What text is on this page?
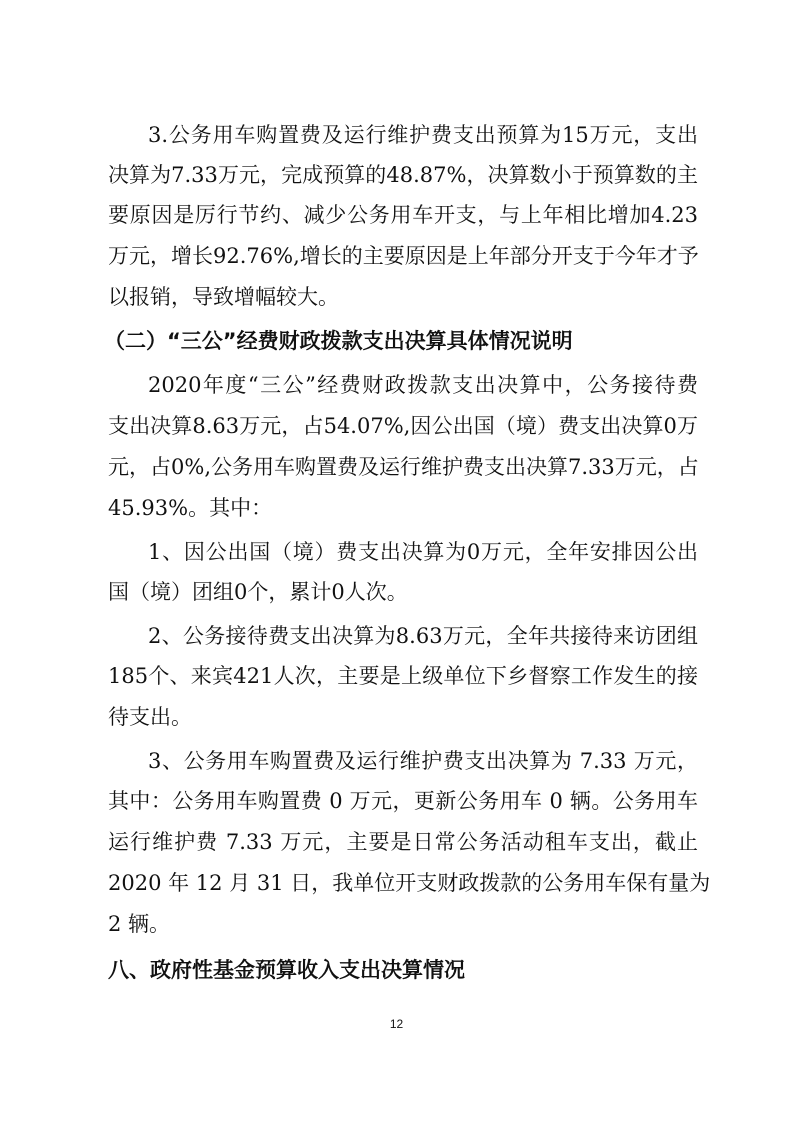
3.公务用车购置费及运行维护费支出预算为15万元，支出
决算为7.33万元，完成预算的48.87%，决算数小于预算数的主
要原因是厉行节约、减少公务用车开支，与上年相比增加4.23
万元，增长92.76%,增长的主要原因是上年部分开支于今年才予
以报销，导致增幅较大。
（二）“三公”经费财政拨款支出决算具体情况说明
2020年度“三公”经费财政拨款支出决算中，公务接待费
支出决算8.63万元，占54.07%,因公出国（境）费支出决算0万
元，占0%,公务用车购置费及运行维护费支出决算7.33万元，占
45.93%。其中：
1、因公出国（境）费支出决算为0万元，全年安排因公出
国（境）团组0个，累计0人次。
2、公务接待费支出决算为8.63万元，全年共接待来访团组
185个、来宾421人次，主要是上级单位下乡督察工作发生的接
待支出。
3、公务用车购置费及运行维护费支出决算为 7.33 万元，
其中：公务用车购置费 0 万元，更新公务用车 0 辆。公务用车
运行维护费 7.33 万元，主要是日常公务活动租车支出，截止
2020 年 12 月 31 日，我单位开支财政拨款的公务用车保有量为
2 辆。
八、政府性基金预算收入支出决算情况
12
